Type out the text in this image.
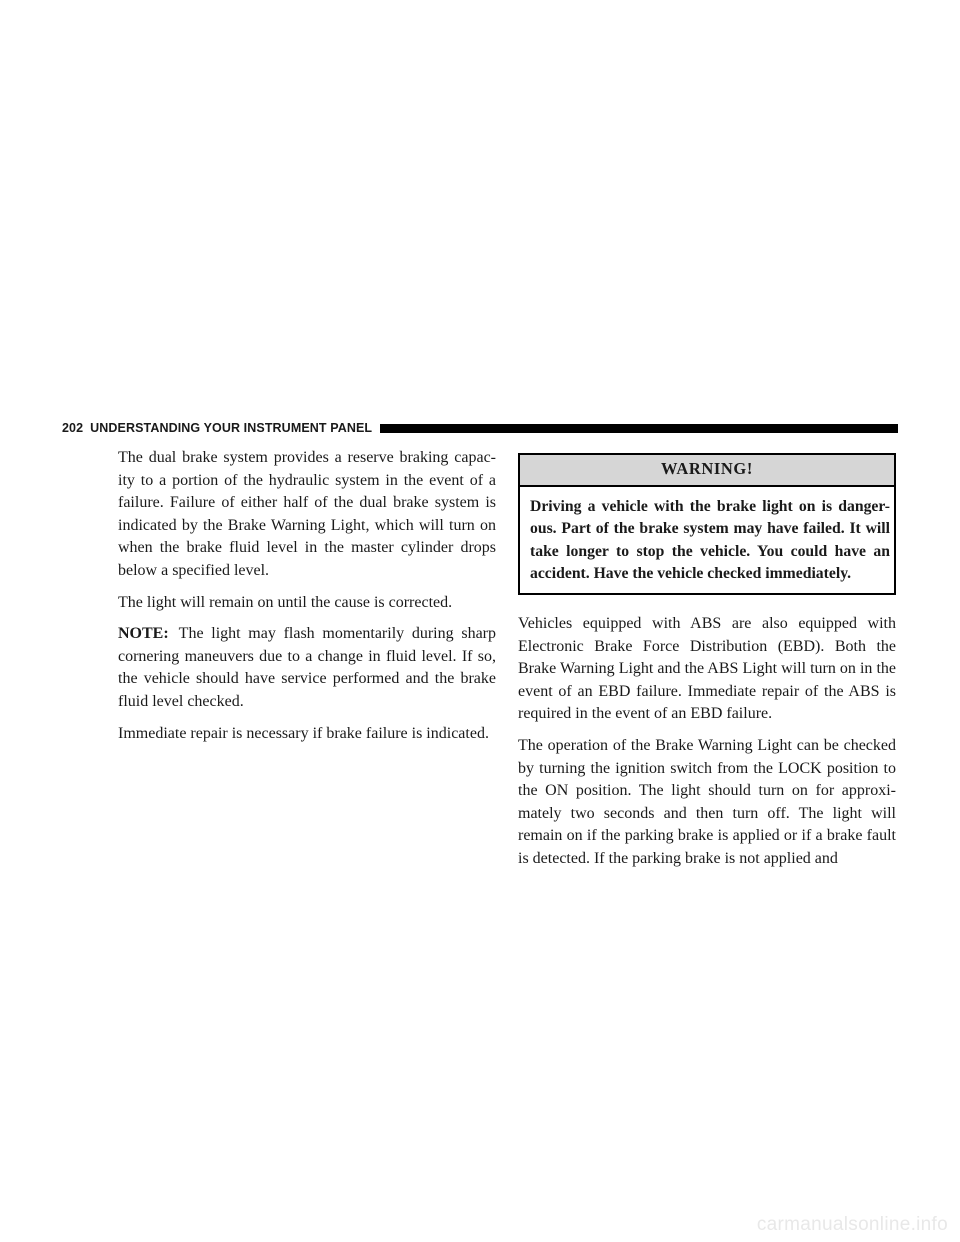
202 UNDERSTANDING YOUR INSTRUMENT PANEL

The dual brake system provides a reserve braking capac- ity to a portion of the hydraulic system in the event of a failure. Failure of either half of the dual brake system is indicated by the Brake Warning Light, which will turn on when the brake fluid level in the master cylinder drops below a specified level.

The light will remain on until the cause is corrected.

NOTE: The light may flash momentarily during sharp cornering maneuvers due to a change in fluid level. If so, the vehicle should have service performed and the brake fluid level checked.

Immediate repair is necessary if brake failure is indicated.

WARNING!
Driving a vehicle with the brake light on is danger- ous. Part of the brake system may have failed. It will take longer to stop the vehicle. You could have an accident. Have the vehicle checked immediately.

Vehicles equipped with ABS are also equipped with Electronic Brake Force Distribution (EBD). Both the Brake Warning Light and the ABS Light will turn on in the event of an EBD failure. Immediate repair of the ABS is required in the event of an EBD failure.

The operation of the Brake Warning Light can be checked by turning the ignition switch from the LOCK position to the ON position. The light should turn on for approxi- mately two seconds and then turn off. The light will remain on if the parking brake is applied or if a brake fault is detected. If the parking brake is not applied and

carmanualsonline.info
